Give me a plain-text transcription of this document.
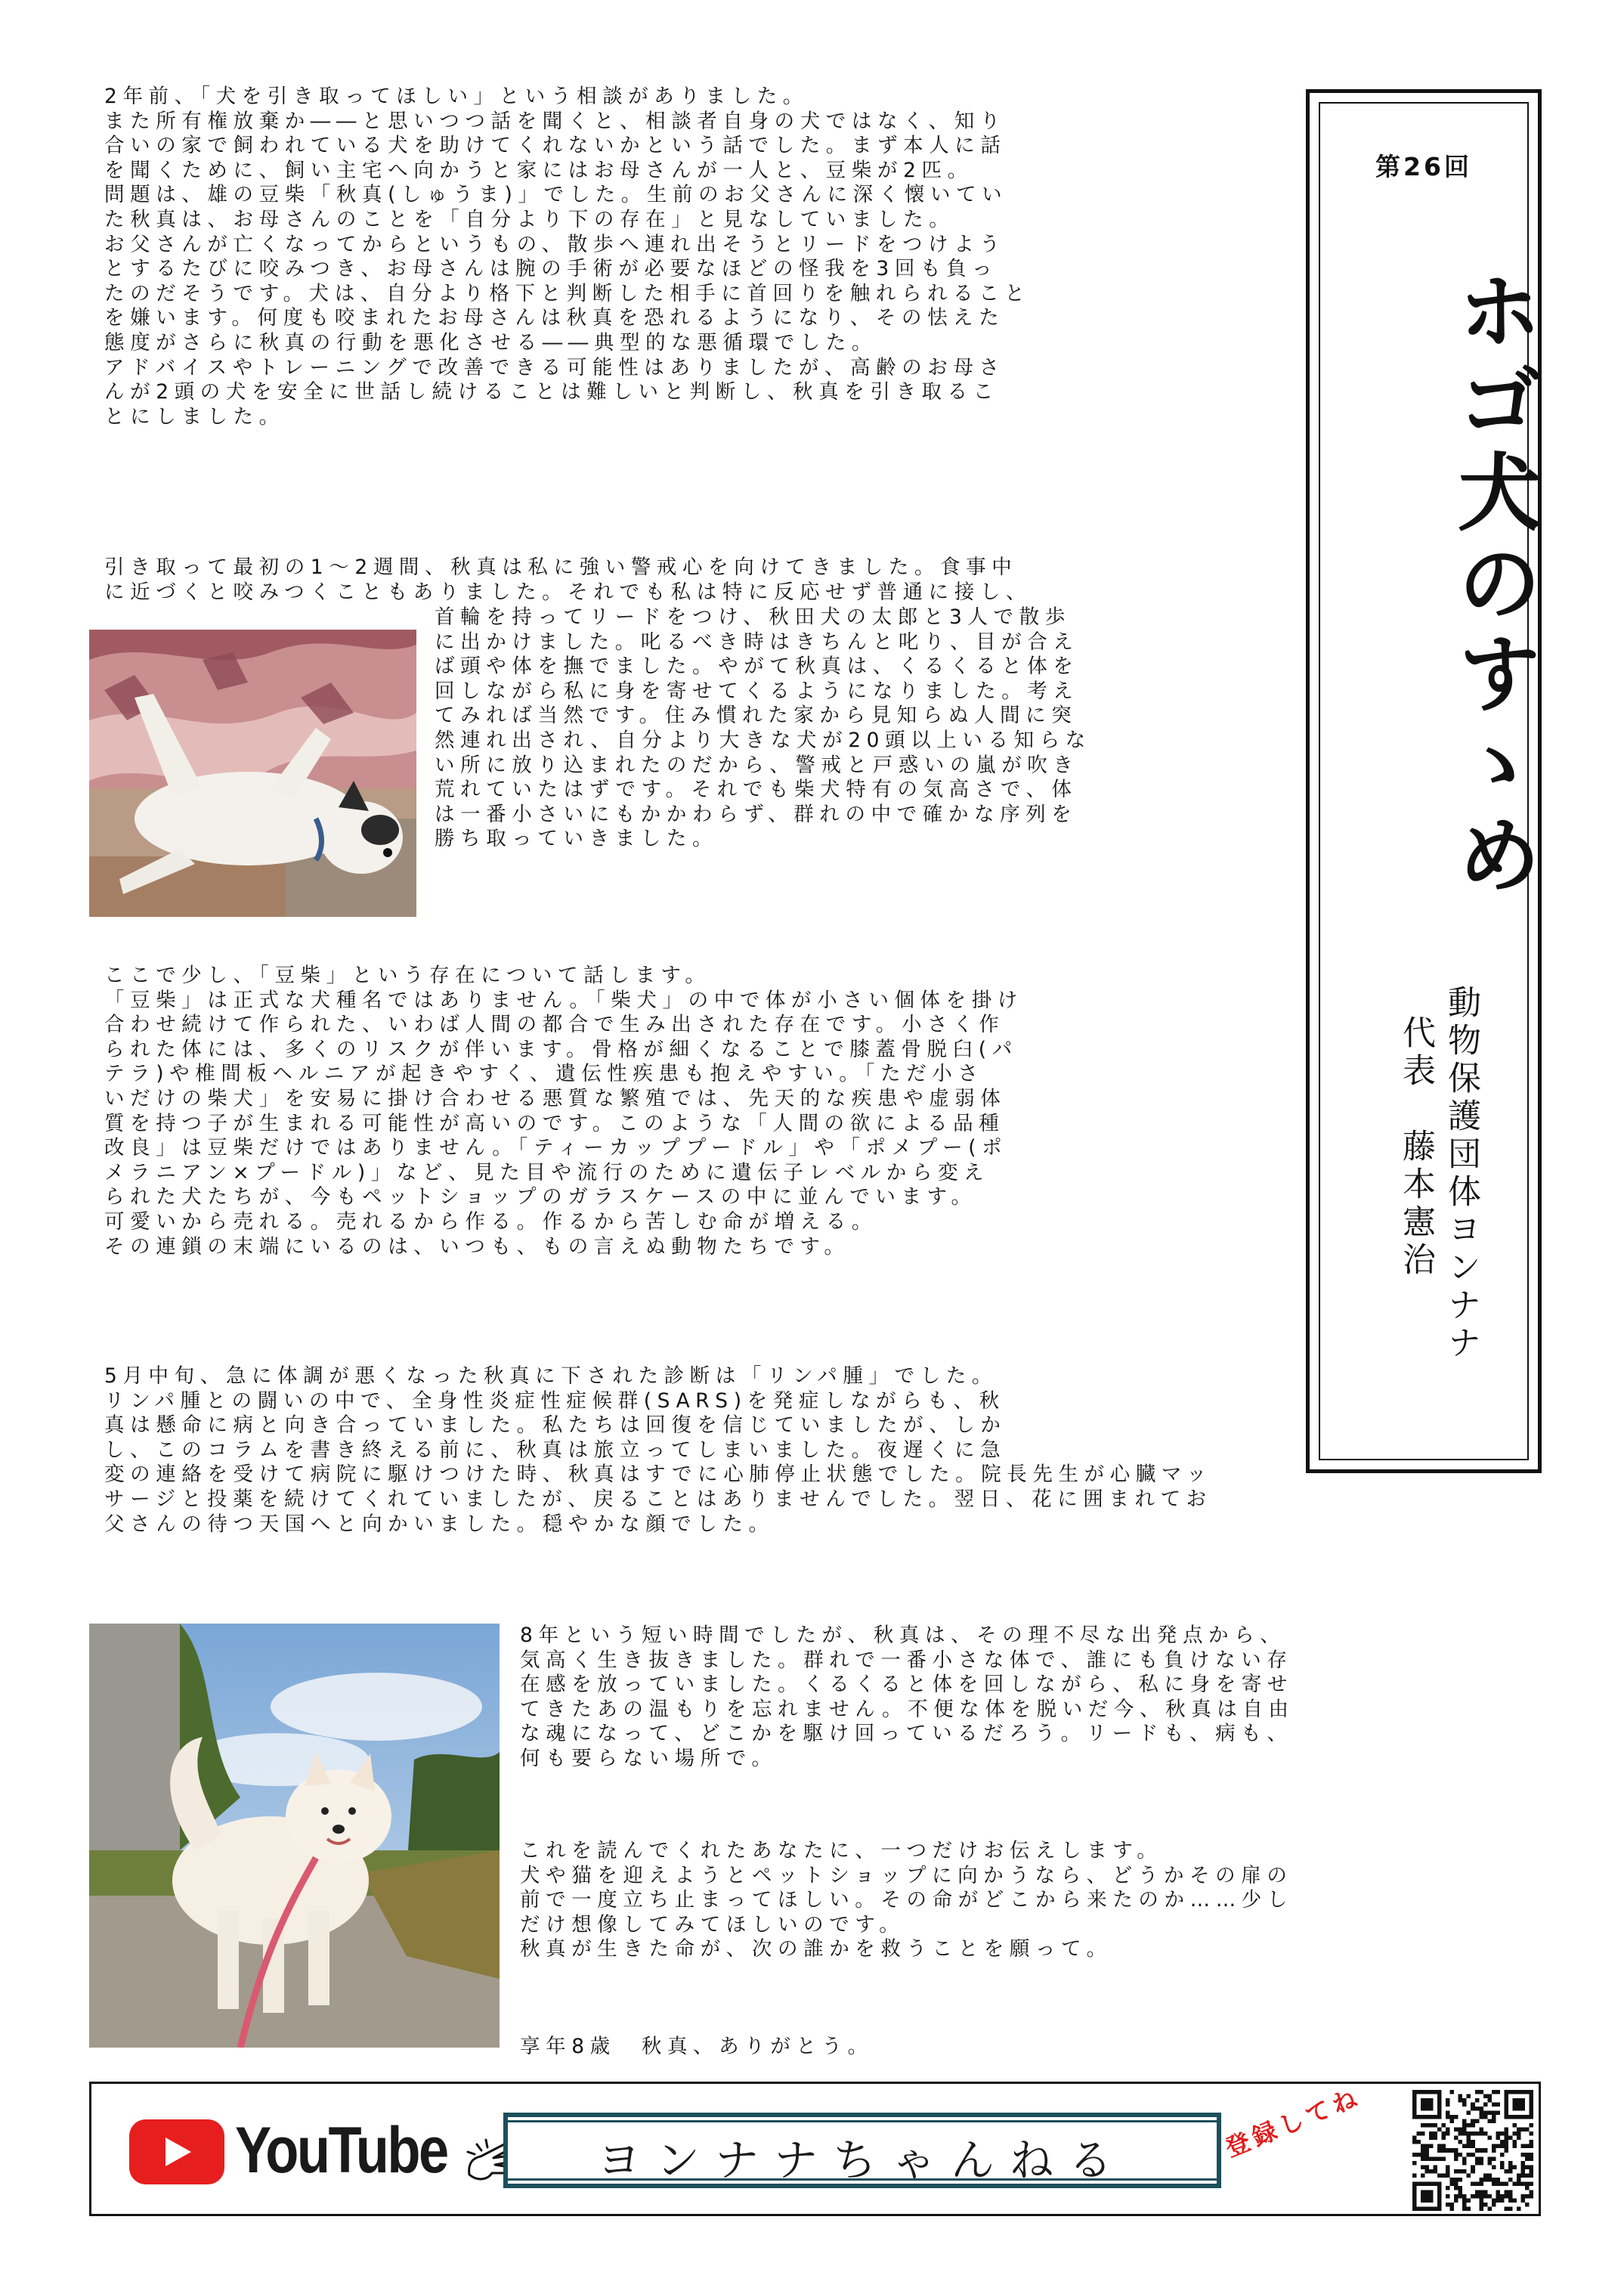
2年前、「犬を引き取ってほしい」という相談がありました。
また所有権放棄か――と思いつつ話を聞くと、相談者自身の犬ではなく、知り
合いの家で飼われている犬を助けてくれないかという話でした。まず本人に話
を聞くために、飼い主宅へ向かうと家にはお母さんが一人と、豆柴が2匹。
問題は、雄の豆柴「秋真(しゅうま)」でした。生前のお父さんに深く懐いてい
た秋真は、お母さんのことを「自分より下の存在」と見なしていました。
お父さんが亡くなってからというもの、散歩へ連れ出そうとリードをつけよう
とするたびに咬みつき、お母さんは腕の手術が必要なほどの怪我を3回も負っ
たのだそうです。犬は、自分より格下と判断した相手に首回りを触れられること
を嫌います。何度も咬まれたお母さんは秋真を恐れるようになり、その怯えた
態度がさらに秋真の行動を悪化させる――典型的な悪循環でした。
アドバイスやトレーニングで改善できる可能性はありましたが、高齢のお母さ
んが2頭の犬を安全に世話し続けることは難しいと判断し、秋真を引き取るこ
とにしました。

引き取って最初の1〜2週間、秋真は私に強い警戒心を向けてきました。食事中
に近づくと咬みつくこともありました。それでも私は特に反応せず普通に接し、

首輪を持ってリードをつけ、秋田犬の太郎と3人で散歩
に出かけました。叱るべき時はきちんと叱り、目が合え
ば頭や体を撫でました。やがて秋真は、くるくると体を
回しながら私に身を寄せてくるようになりました。考え
てみれば当然です。住み慣れた家から見知らぬ人間に突
然連れ出され、自分より大きな犬が20頭以上いる知らな
い所に放り込まれたのだから、警戒と戸惑いの嵐が吹き
荒れていたはずです。それでも柴犬特有の気高さで、体
は一番小さいにもかかわらず、群れの中で確かな序列を
勝ち取っていきました。

ここで少し、「豆柴」という存在について話します。
「豆柴」は正式な犬種名ではありません。「柴犬」の中で体が小さい個体を掛け
合わせ続けて作られた、いわば人間の都合で生み出された存在です。小さく作
られた体には、多くのリスクが伴います。骨格が細くなることで膝蓋骨脱臼(パ
テラ)や椎間板ヘルニアが起きやすく、遺伝性疾患も抱えやすい。「ただ小さ
いだけの柴犬」を安易に掛け合わせる悪質な繁殖では、先天的な疾患や虚弱体
質を持つ子が生まれる可能性が高いのです。このような「人間の欲による品種
改良」は豆柴だけではありません。「ティーカッププードル」や「ポメプー(ポ
メラニアン×プードル)」など、見た目や流行のために遺伝子レベルから変え
られた犬たちが、今もペットショップのガラスケースの中に並んでいます。
可愛いから売れる。売れるから作る。作るから苦しむ命が増える。
その連鎖の末端にいるのは、いつも、もの言えぬ動物たちです。

5月中旬、急に体調が悪くなった秋真に下された診断は「リンパ腫」でした。
リンパ腫との闘いの中で、全身性炎症性症候群(SARS)を発症しながらも、秋
真は懸命に病と向き合っていました。私たちは回復を信じていましたが、しか
し、このコラムを書き終える前に、秋真は旅立ってしまいました。夜遅くに急
変の連絡を受けて病院に駆けつけた時、秋真はすでに心肺停止状態でした。院長先生が心臓マッ
サージと投薬を続けてくれていましたが、戻ることはありませんでした。翌日、花に囲まれてお
父さんの待つ天国へと向かいました。穏やかな顔でした。

8年という短い時間でしたが、秋真は、その理不尽な出発点から、
気高く生き抜きました。群れで一番小さな体で、誰にも負けない存
在感を放っていました。くるくると体を回しながら、私に身を寄せ
てきたあの温もりを忘れません。不便な体を脱いだ今、秋真は自由
な魂になって、どこかを駆け回っているだろう。リードも、病も、
何も要らない場所で。

これを読んでくれたあなたに、一つだけお伝えします。
犬や猫を迎えようとペットショップに向かうなら、どうかその扉の
前で一度立ち止まってほしい。その命がどこから来たのか……少し
だけ想像してみてほしいのです。
秋真が生きた命が、次の誰かを救うことを願って。

享年8歳　秋真、ありがとう。

第26回
ホゴ犬のすゝめ
動物保護団体ヨンナナ
代表　藤本憲治
YouTube	ヨンナナちゃんねる	登録してね
